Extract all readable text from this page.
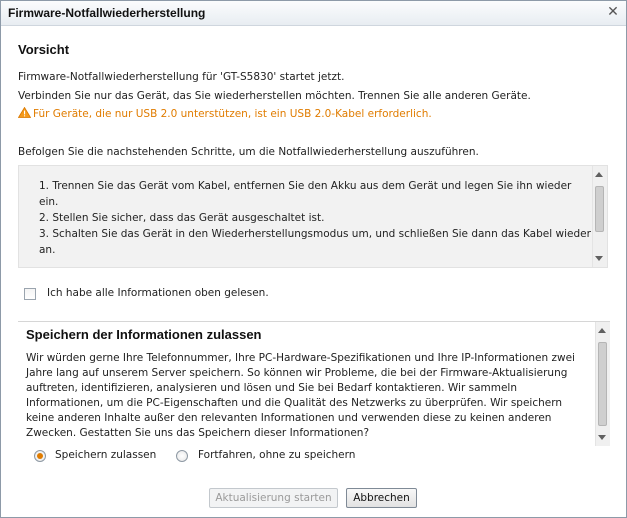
Firmware-Notfallwiederherstellung	✕
Vorsicht
Firmware-Notfallwiederherstellung für 'GT-S5830' startet jetzt.
Verbinden Sie nur das Gerät, das Sie wiederherstellen möchten. Trennen Sie alle anderen Geräte.
Für Geräte, die nur USB 2.0 unterstützen, ist ein USB 2.0-Kabel erforderlich.
Befolgen Sie die nachstehenden Schritte, um die Notfallwiederherstellung auszuführen.
1. Trennen Sie das Gerät vom Kabel, entfernen Sie den Akku aus dem Gerät und legen Sie ihn wieder ein.
2. Stellen Sie sicher, dass das Gerät ausgeschaltet ist.
3. Schalten Sie das Gerät in den Wiederherstellungsmodus um, und schließen Sie dann das Kabel wieder an.
Ich habe alle Informationen oben gelesen.
Speichern der Informationen zulassen
Wir würden gerne Ihre Telefonnummer, Ihre PC-Hardware-Spezifikationen und Ihre IP-Informationen zwei Jahre lang auf unserem Server speichern. So können wir Probleme, die bei der Firmware-Aktualisierung auftreten, identifizieren, analysieren und lösen und Sie bei Bedarf kontaktieren. Wir sammeln Informationen, um die PC-Eigenschaften und die Qualität des Netzwerks zu überprüfen. Wir speichern keine anderen Inhalte außer den relevanten Informationen und verwenden diese zu keinen anderen Zwecken. Gestatten Sie uns das Speichern dieser Informationen?
Speichern zulassen	Fortfahren, ohne zu speichern
Aktualisierung starten	Abbrechen
